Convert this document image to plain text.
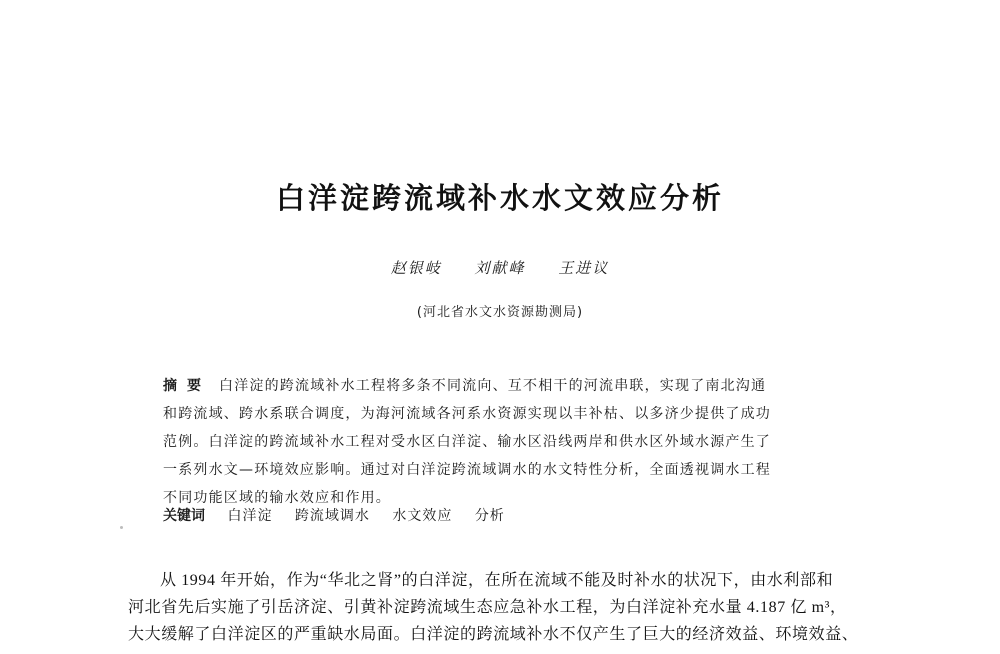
白洋淀跨流域补水水文效应分析
赵银岐 刘献峰 王进议
(河北省水文水资源勘测局)
摘要 白洋淀的跨流域补水工程将多条不同流向、互不相干的河流串联，实现了南北沟通
和跨流域、跨水系联合调度，为海河流域各河系水资源实现以丰补枯、以多济少提供了成功
范例。白洋淀的跨流域补水工程对受水区白洋淀、输水区沿线两岸和供水区外域水源产生了
一系列水文—环境效应影响。通过对白洋淀跨流域调水的水文特性分析，全面透视调水工程
不同功能区域的输水效应和作用。
关键词 白洋淀 跨流域调水 水文效应 分析
从 1994 年开始，作为“华北之肾”的白洋淀，在所在流域不能及时补水的状况下，由水利部和
河北省先后实施了引岳济淀、引黄补淀跨流域生态应急补水工程，为白洋淀补充水量 4.187 亿 m³，
大大缓解了白洋淀区的严重缺水局面。白洋淀的跨流域补水不仅产生了巨大的经济效益、环境效益、
